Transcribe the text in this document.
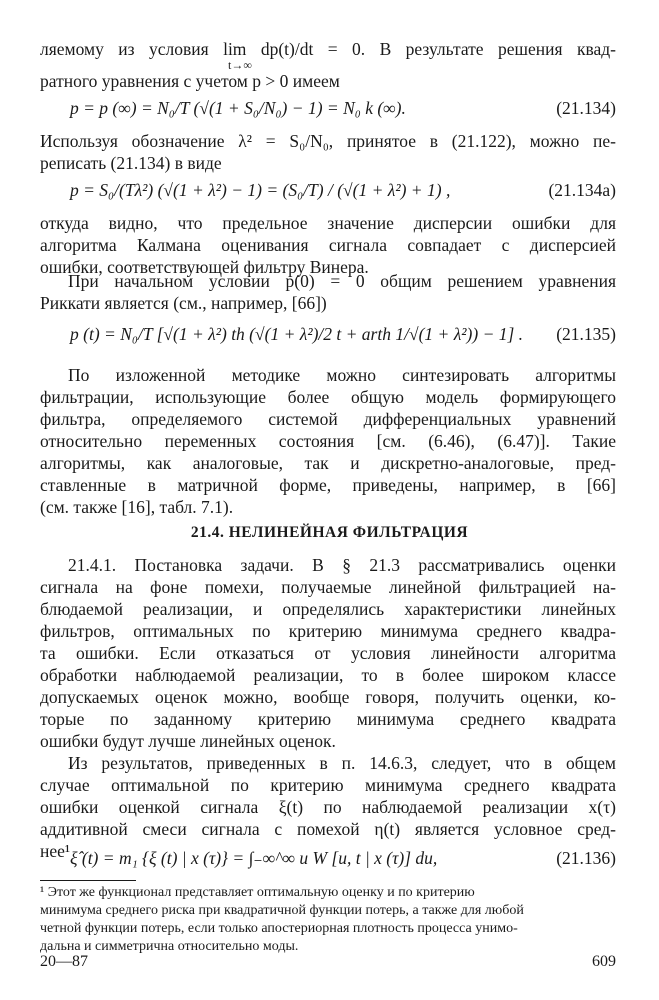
ляемому из условия lim dp(t)/dt = 0. В результате решения квад-
t→∞
ратного уравнения с учетом p > 0 имеем
p = p (∞) = N₀/T (√(1 + S₀/N₀) − 1) = N₀ k (∞).	(21.134)
Используя обозначение λ² = S₀/N₀, принятое в (21.122), можно пе-
реписать (21.134) в виде
p = S₀/(Tλ²) (√(1 + λ²) − 1) = (S₀/T) / (√(1 + λ²) + 1) ,	(21.134а)
откуда видно, что предельное значение дисперсии ошибки для
алгоритма Калмана оценивания сигнала совпадает с дисперсией
ошибки, соответствующей фильтру Винера.
При начальном условии p(0) = 0 общим решением уравнения
Риккати является (см., например, [66])
p (t) = N₀/T [√(1 + λ²) th (√(1 + λ²)/2 t + arth 1/√(1 + λ²)) − 1] . (21.135)
По изложенной методике можно синтезировать алгоритмы
фильтрации, использующие более общую модель формирующего
фильтра, определяемого системой дифференциальных уравнений
относительно переменных состояния [см. (6.46), (6.47)]. Такие
алгоритмы, как аналоговые, так и дискретно-аналоговые, пред-
ставленные в матричной форме, приведены, например, в [66]
(см. также [16], табл. 7.1).
21.4. НЕЛИНЕЙНАЯ ФИЛЬТРАЦИЯ
21.4.1. Постановка задачи. В § 21.3 рассматривались оценки
сигнала на фоне помехи, получаемые линейной фильтрацией на-
блюдаемой реализации, и определялись характеристики линейных
фильтров, оптимальных по критерию минимума среднего квадра-
та ошибки. Если отказаться от условия линейности алгоритма
обработки наблюдаемой реализации, то в более широком классе
допускаемых оценок можно, вообще говоря, получить оценки, ко-
торые по заданному критерию минимума среднего квадрата
ошибки будут лучше линейных оценок.
Из результатов, приведенных в п. 14.6.3, следует, что в общем
случае оптимальной по критерию минимума среднего квадрата
ошибки оценкой сигнала ξ(t) по наблюдаемой реализации x(τ)
аддитивной смеси сигнала с помехой η(t) является условное сред-
нее¹ ξ̂ (t) = m₁ {ξ (t) | x (τ)} = ∫₋∞^∞ u W [u, t | x (τ)] du,	(21.136)
¹ Этот же функционал представляет оптимальную оценку и по критерию
минимума среднего риска при квадратичной функции потерь, а также для любой
четной функции потерь, если только апостериорная плотность процесса унимо-
дальна и симметрична относительно моды.
20—87	609
